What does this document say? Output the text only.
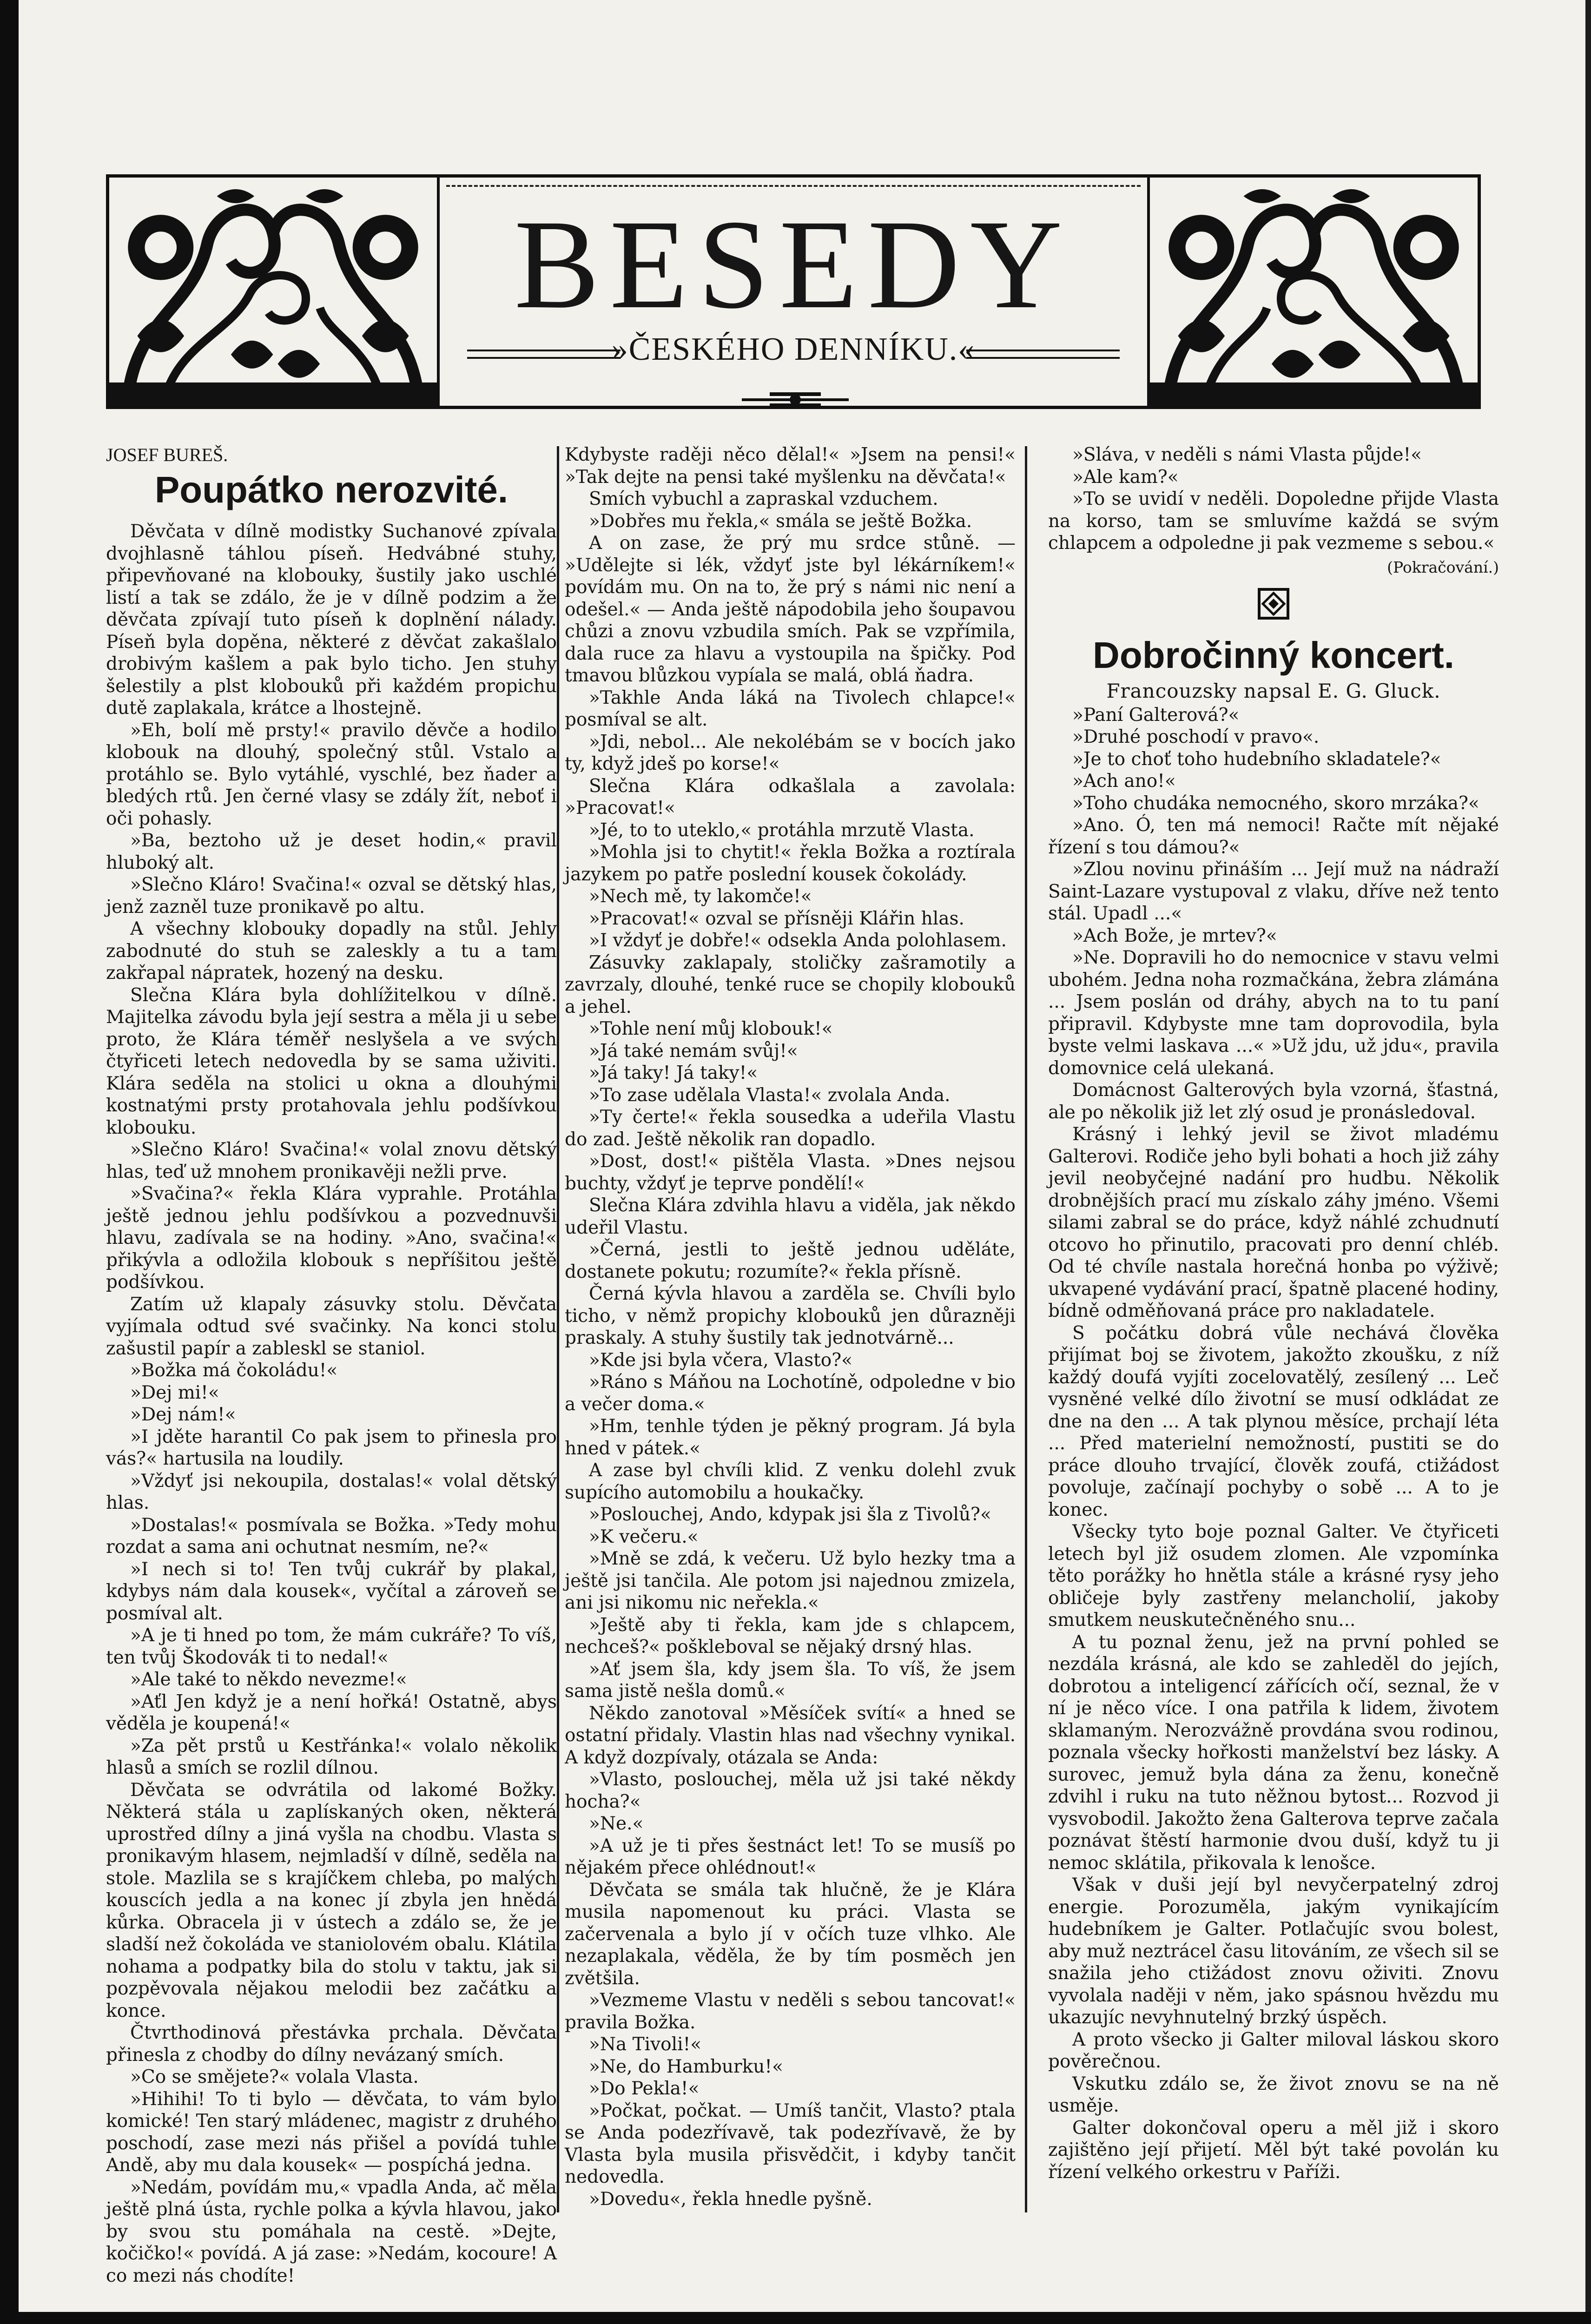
BESEDY
»ČESKÉHO DENNÍKU.«

JOSEF BUREŠ.

Poupátko nerozvité.

Děvčata v dílně modistky Suchanové zpívala dvojhlasně táhlou píseň. Hedvábné stuhy, připevňované na klobouky, šustily jako uschlé listí a tak se zdálo, že je v dílně podzim a že děvčata zpívají tuto píseň k doplnění nálady. Píseň byla dopěna, některé z děvčat zakašlalo drobivým kašlem a pak bylo ticho. Jen stuhy šelestily a plst klobouků při každém propichu dutě zaplakala, krátce a lhostejně.

»Eh, bolí mě prsty!« pravilo děvče a hodilo klobouk na dlouhý, společný stůl. Vstalo a protáhlo se. Bylo vytáhlé, vyschlé, bez ňader a bledých rtů. Jen černé vlasy se zdály žít, neboť i oči pohasly.

»Ba, beztoho už je deset hodin,« pravil hluboký alt.

»Slečno Kláro! Svačina!« ozval se dětský hlas, jenž zazněl tuze pronikavě po altu.

A všechny klobouky dopadly na stůl. Jehly zabodnuté do stuh se zaleskly a tu a tam zakřapal nápratek, hozený na desku.

Slečna Klára byla dohlížitelkou v dílně. Majitelka závodu byla její sestra a měla ji u sebe proto, že Klára téměř neslyšela a ve svých čtyřiceti letech nedovedla by se sama uživiti. Klára seděla na stolici u okna a dlouhými kostnatými prsty protahovala jehlu podšívkou klobouku.

»Slečno Kláro! Svačina!« volal znovu dětský hlas, teď už mnohem pronikavěji nežli prve.

»Svačina?« řekla Klára vyprahle. Protáhla ještě jednou jehlu podšívkou a pozvednuvši hlavu, zadívala se na hodiny. »Ano, svačina!« přikývla a odložila klobouk s nepříšitou ještě podšívkou.

Zatím už klapaly zásuvky stolu. Děvčata vyjímala odtud své svačinky. Na konci stolu zašustil papír a zableskl se staniol.

»Božka má čokoládu!«

»Dej mi!«

»Dej nám!«

»I jděte harantil Co pak jsem to přinesla pro vás?« hartusila na loudily.

»Vždyť jsi nekoupila, dostalas!« volal dětský hlas.

»Dostalas!« posmívala se Božka. »Tedy mohu rozdat a sama ani ochutnat nesmím, ne?«

»I nech si to! Ten tvůj cukrář by plakal, kdybys nám dala kousek«, vyčítal a zároveň se posmíval alt.

»A je ti hned po tom, že mám cukráře? To víš, ten tvůj Škodovák ti to nedal!«

»Ale také to někdo nevezme!«

»Aťl Jen když je a není hořká! Ostatně, abys věděla je koupená!«

»Za pět prstů u Kestřánka!« volalo několik hlasů a smích se rozlil dílnou.

Děvčata se odvrátila od lakomé Božky. Některá stála u zaplískaných oken, některá uprostřed dílny a jiná vyšla na chodbu. Vlasta s pronikavým hlasem, nejmladší v dílně, seděla na stole. Mazlila se s krajíčkem chleba, po malých kouscích jedla a na konec jí zbyla jen hnědá kůrka. Obracela ji v ústech a zdálo se, že je sladší než čokoláda ve staniolovém obalu. Klátila nohama a podpatky bila do stolu v taktu, jak si pozpěvovala nějakou melodii bez začátku a konce.

Čtvrthodinová přestávka prchala. Děvčata přinesla z chodby do dílny nevázaný smích.

»Co se smějete?« volala Vlasta.

»Hihihi! To ti bylo — děvčata, to vám bylo komické! Ten starý mládenec, magistr z druhého poschodí, zase mezi nás přišel a povídá tuhle Andě, aby mu dala kousek« — pospíchá jedna.

»Nedám, povídám mu,« vpadla Anda, ač měla ještě plná ústa, rychle polka a kývla hlavou, jako by svou stu pomáhala na cestě. »Dejte, kočičko!« povídá. A já zase: »Nedám, kocoure! A co mezi nás chodíte!

Kdybyste raději něco dělal!« »Jsem na pensi!« »Tak dejte na pensi také myšlenku na děvčata!«

Smích vybuchl a zapraskal vzduchem.

»Dobřes mu řekla,« smála se ještě Božka.

A on zase, že prý mu srdce stůně. — »Udělejte si lék, vždyť jste byl lékárníkem!« povídám mu. On na to, že prý s námi nic není a odešel.« — Anda ještě nápodobila jeho šoupavou chůzi a znovu vzbudila smích. Pak se vzpřímila, dala ruce za hlavu a vystoupila na špičky. Pod tmavou blůzkou vypíala se malá, oblá ňadra.

»Takhle Anda láká na Tivolech chlapce!« posmíval se alt.

»Jdi, nebol... Ale nekolébám se v bocích jako ty, když jdeš po korse!«

Slečna Klára odkašlala a zavolala: »Pracovat!«

»Jé, to to uteklo,« protáhla mrzutě Vlasta.

»Mohla jsi to chytit!« řekla Božka a roztírala jazykem po patře poslední kousek čokolády.

»Nech mě, ty lakomče!«

»Pracovat!« ozval se přísněji Klářin hlas.

»I vždyť je dobře!« odsekla Anda polohlasem.

Zásuvky zaklapaly, stoličky zašramotily a zavrzaly, dlouhé, tenké ruce se chopily klobouků a jehel.

»Tohle není můj klobouk!«

»Já také nemám svůj!«

»Já taky! Já taky!«

»To zase udělala Vlasta!« zvolala Anda.

»Ty čerte!« řekla sousedka a udeřila Vlastu do zad. Ještě několik ran dopadlo.

»Dost, dost!« pištěla Vlasta. »Dnes nejsou buchty, vždyť je teprve pondělí!«

Slečna Klára zdvihla hlavu a viděla, jak někdo udeřil Vlastu.

»Černá, jestli to ještě jednou uděláte, dostanete pokutu; rozumíte?« řekla přísně.

Černá kývla hlavou a zardělа se. Chvíli bylo ticho, v němž propichy klobouků jen důrazněji praskaly. A stuhy šustily tak jednotvárně...

»Kde jsi byla včera, Vlasto?«

»Ráno s Máňou na Lochotíně, odpoledne v bio a večer doma.«

»Hm, tenhle týden je pěkný program. Já byla hned v pátek.«

A zase byl chvíli klid. Z venku dolehl zvuk supícího automobilu a houkačky.

»Poslouchej, Ando, kdypak jsi šla z Tivolů?«

»K večeru.«

»Mně se zdá, k večeru. Už bylo hezky tma a ještě jsi tančila. Ale potom jsi najednou zmizela, ani jsi nikomu nic neřekla.«

»Ještě aby ti řekla, kam jde s chlapcem, nechceš?« poškleboval se nějaký drsný hlas.

»Ať jsem šla, kdy jsem šla. To víš, že jsem sama jistě nešla domů.«

Někdo zanotoval »Měsíček svítí« a hned se ostatní přidaly. Vlastin hlas nad všechny vynikal. A když dozpívaly, otázala se Anda:

»Vlasto, poslouchej, měla už jsi také někdy hocha?«

»Ne.«

»A už je ti přes šestnáct let! To se musíš po nějakém přece ohlédnout!«

Děvčata se smála tak hlučně, že je Klára musila napomenout ku práci. Vlasta se začervenala a bylo jí v očích tuze vlhko. Ale nezaplakala, věděla, že by tím posměch jen zvětšila.

»Vezmeme Vlastu v neděli s sebou tancovat!« pravila Božka.

»Na Tivoli!«

»Ne, do Hamburku!«

»Do Pekla!«

»Počkat, počkat. — Umíš tančit, Vlasto? ptala se Anda podezřívavě, tak podezřívavě, že by Vlasta byla musila přisvědčit, i kdyby tančit nedovedla.

»Dovedu«, řekla hnedle pyšně.

»Sláva, v neděli s námi Vlasta půjde!«

»Ale kam?«

»To se uvidí v neděli. Dopoledne přijde Vlasta na korso, tam se smluvíme každá se svým chlapcem a odpoledne ji pak vezmeme s sebou.«

(Pokračování.)

Dobročinný koncert.

Francouzsky napsal E. G. Gluck.

»Paní Galterová?«

»Druhé poschodí v pravo«.

»Je to choť toho hudebního skladatele?«

»Ach ano!«

»Toho chudáka nemocného, skoro mrzáka?«

»Ano. Ó, ten má nemoci! Račte mít nějaké řízení s tou dámou?«

»Zlou novinu přináším ... Její muž na nádraží Saint-Lazare vystupoval z vlaku, dříve než tento stál. Upadl ...«

»Ach Bože, je mrtev?«

»Ne. Dopravili ho do nemocnice v stavu velmi ubohém. Jedna noha rozmačkána, žebra zlámána ... Jsem poslán od dráhy, abych na to tu paní připravil. Kdybyste mne tam doprovodila, byla byste velmi laskava ...« »Už jdu, už jdu«, pravila domovnice celá ulekaná.

Domácnost Galterových byla vzorná, šťastná, ale po několik již let zlý osud je pronásledoval.

Krásný i lehký jevil se život mladému Galterovi. Rodiče jeho byli bohati a hoch již záhy jevil neobyčejné nadání pro hudbu. Několik drobnějších prací mu získalo záhy jméno. Všemi silami zabral se do práce, když náhlé zchudnutí otcovo ho přinutilo, pracovati pro denní chléb. Od té chvíle nastala horečná honba po výživě; ukvapené vydávání prací, špatně placené hodiny, bídně odměňovaná práce pro nakladatele.

S počátku dobrá vůle nechává člověka přijímat boj se životem, jakožto zkoušku, z níž každý doufá vyjíti zocelovatělý, zesílený ... Leč vysněné velké dílo životní se musí odkládat ze dne na den ... A tak plynou měsíce, prchají léta ... Před materielní nemožností, pustiti se do práce dlouho trvající, člověk zoufá, ctižádost povoluje, začínají pochyby o sobě ... A to je konec.

Všecky tyto boje poznal Galter. Ve čtyřiceti letech byl již osudem zlomen. Ale vzpomínka těto porážky ho hnětla stále a krásné rysy jeho obličeje byly zastřeny melancholií, jakoby smutkem neuskutečněného snu...

A tu poznal ženu, jež na první pohled se nezdála krásná, ale kdo se zahleděl do jejích, dobrotou a inteligencí zářících očí, seznal, že v ní je něco více. I ona patřila k lidem, životem sklamaným. Nerozvážně provdána svou rodinou, poznala všecky hořkosti manželství bez lásky. A surovec, jemuž byla dána za ženu, konečně zdvihl i ruku na tuto něžnou bytost... Rozvod ji vysvobodil. Jakožto žena Galterova teprve začala poznávat štěstí harmonie dvou duší, když tu ji nemoc sklátila, přikovala k lenošce.

Však v duši její byl nevyčerpatelný zdroj energie. Porozuměla, jakým vynikajícím hudebníkem je Galter. Potlačujíc svou bolest, aby muž neztrácel času litováním, ze všech sil se snažila jeho ctižádost znovu oživiti. Znovu vyvolala naději v něm, jako spásnou hvězdu mu ukazujíc nevyhnutelný brzký úspěch.

A proto všecko ji Galter miloval láskou skoro pověrečnou.

Vskutku zdálo se, že život znovu se na ně usměje.

Galter dokončoval operu a měl již i skoro zajištěno její přijetí. Měl být také povolán ku řízení velkého orkestru v Paříži.
